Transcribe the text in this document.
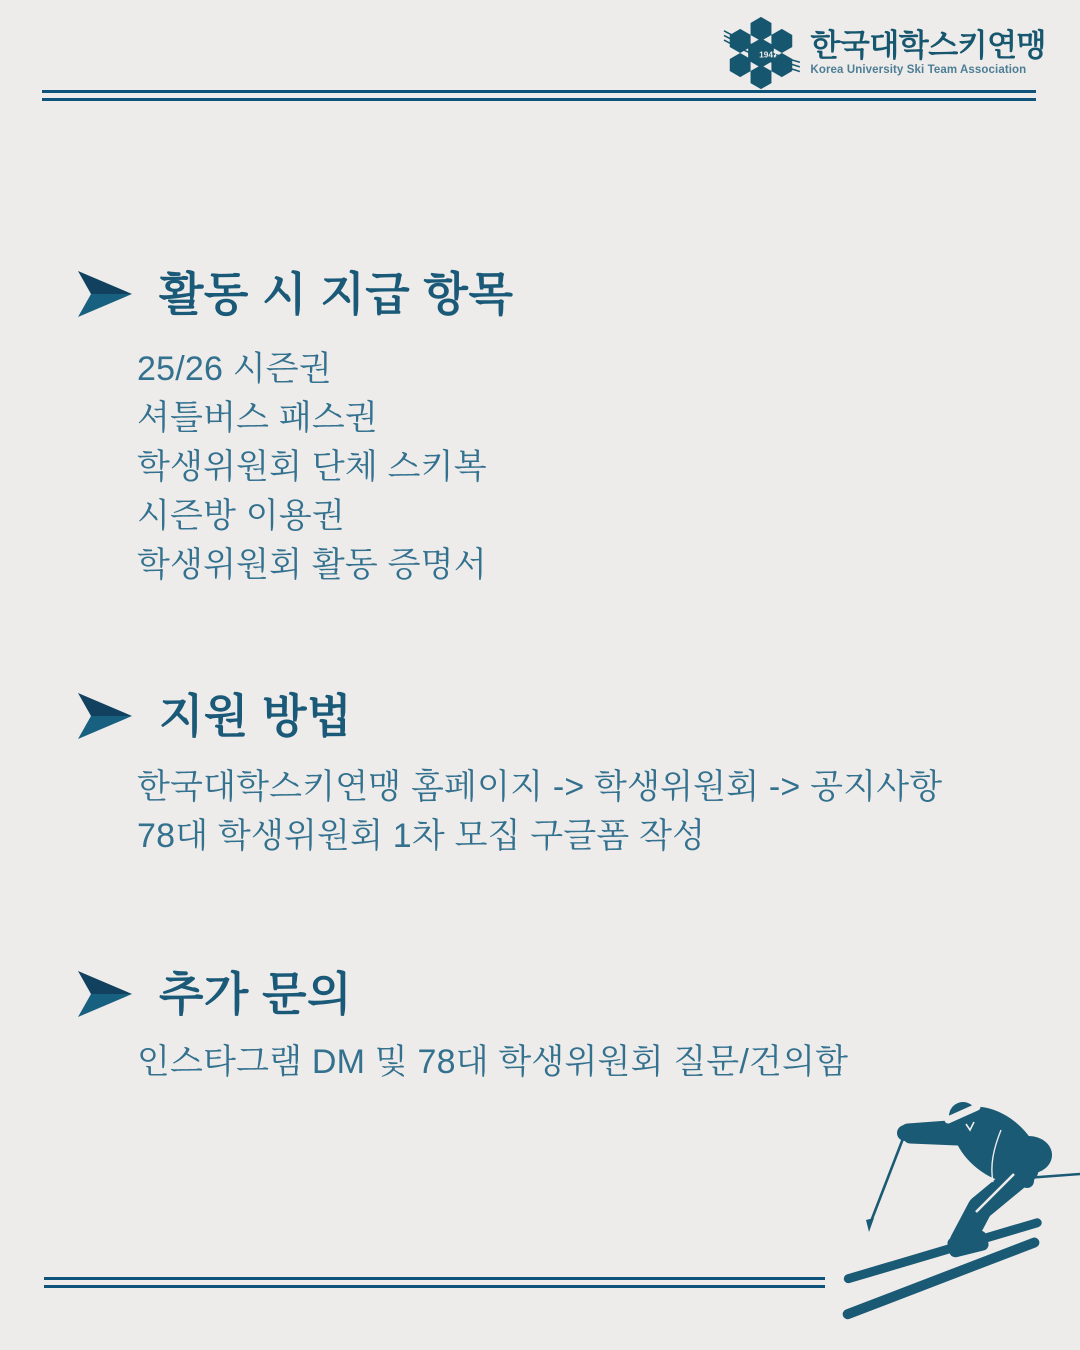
1947 한국대학스키연맹
Korea University Ski Team Association
활동 시 지급 항목
25/26 시즌권
셔틀버스 패스권
학생위원회 단체 스키복
시즌방 이용권
학생위원회 활동 증명서
지원 방법
한국대학스키연맹 홈페이지 -> 학생위원회 -> 공지사항
78대 학생위원회 1차 모집 구글폼 작성
추가 문의
인스타그램 DM 및 78대 학생위원회 질문/건의함
